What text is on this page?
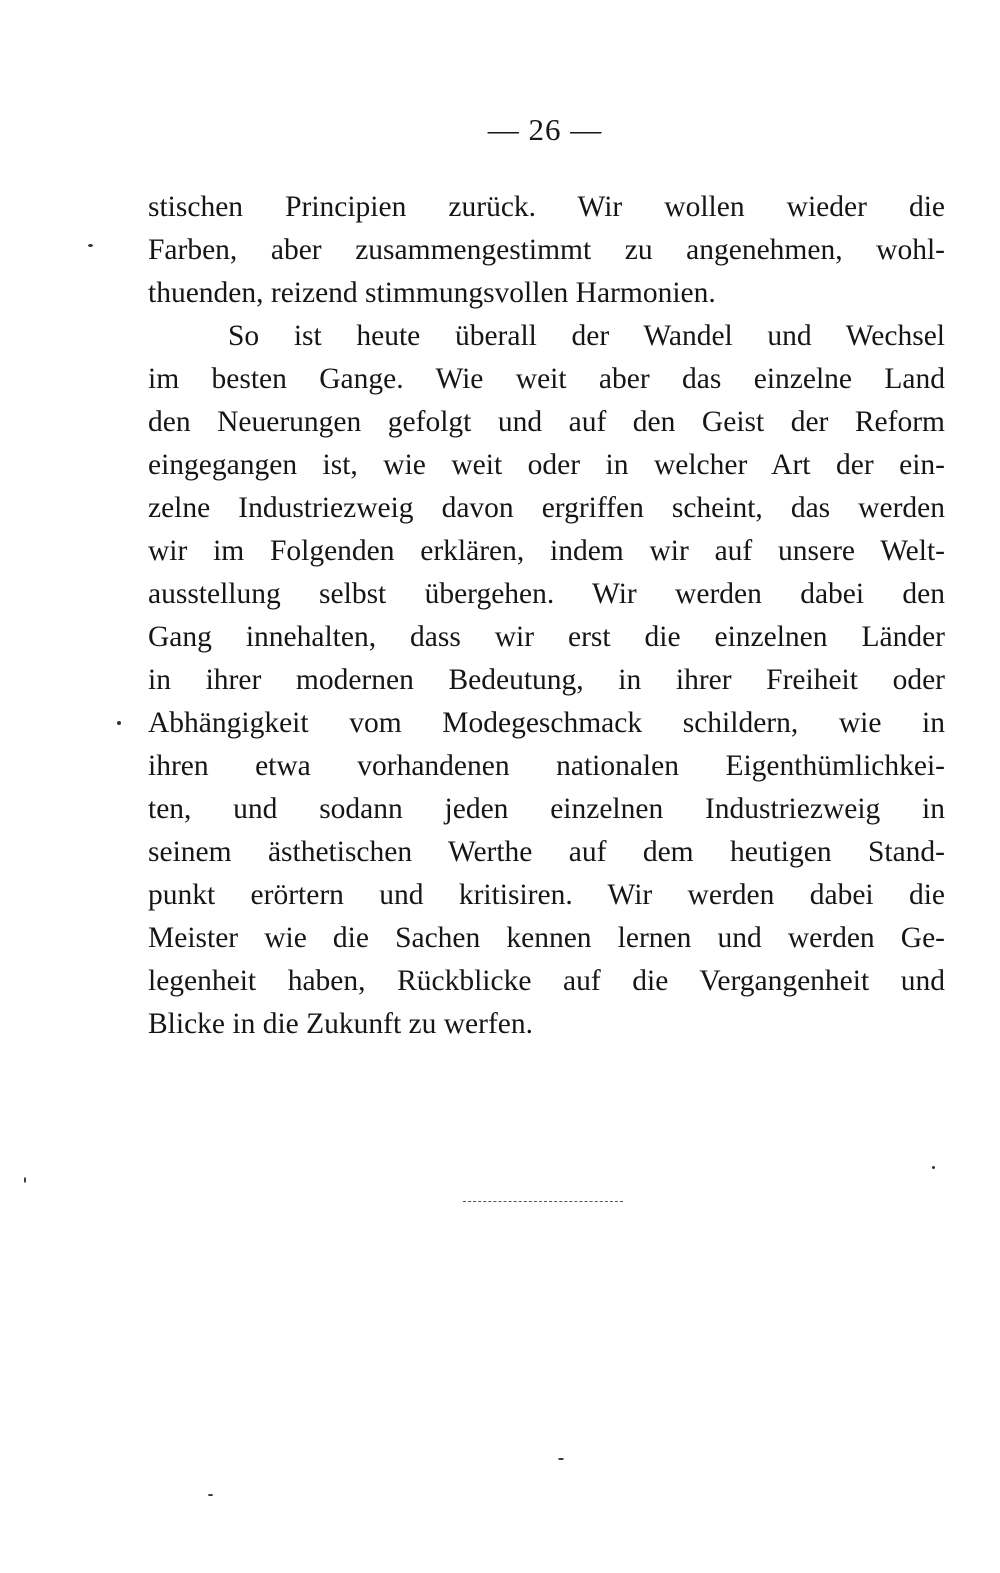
— 26 —
stischen Principien zurück. Wir wollen wieder die
Farben, aber zusammengestimmt zu angenehmen, wohl-
thuenden, reizend stimmungsvollen Harmonien.
So ist heute überall der Wandel und Wechsel
im besten Gange. Wie weit aber das einzelne Land
den Neuerungen gefolgt und auf den Geist der Reform
eingegangen ist, wie weit oder in welcher Art der ein-
zelne Industriezweig davon ergriffen scheint, das werden
wir im Folgenden erklären, indem wir auf unsere Welt-
ausstellung selbst übergehen. Wir werden dabei den
Gang innehalten, dass wir erst die einzelnen Länder
in ihrer modernen Bedeutung, in ihrer Freiheit oder
Abhängigkeit vom Modegeschmack schildern, wie in
ihren etwa vorhandenen nationalen Eigenthümlichkei-
ten, und sodann jeden einzelnen Industriezweig in
seinem ästhetischen Werthe auf dem heutigen Stand-
punkt erörtern und kritisiren. Wir werden dabei die
Meister wie die Sachen kennen lernen und werden Ge-
legenheit haben, Rückblicke auf die Vergangenheit und
Blicke in die Zukunft zu werfen.
